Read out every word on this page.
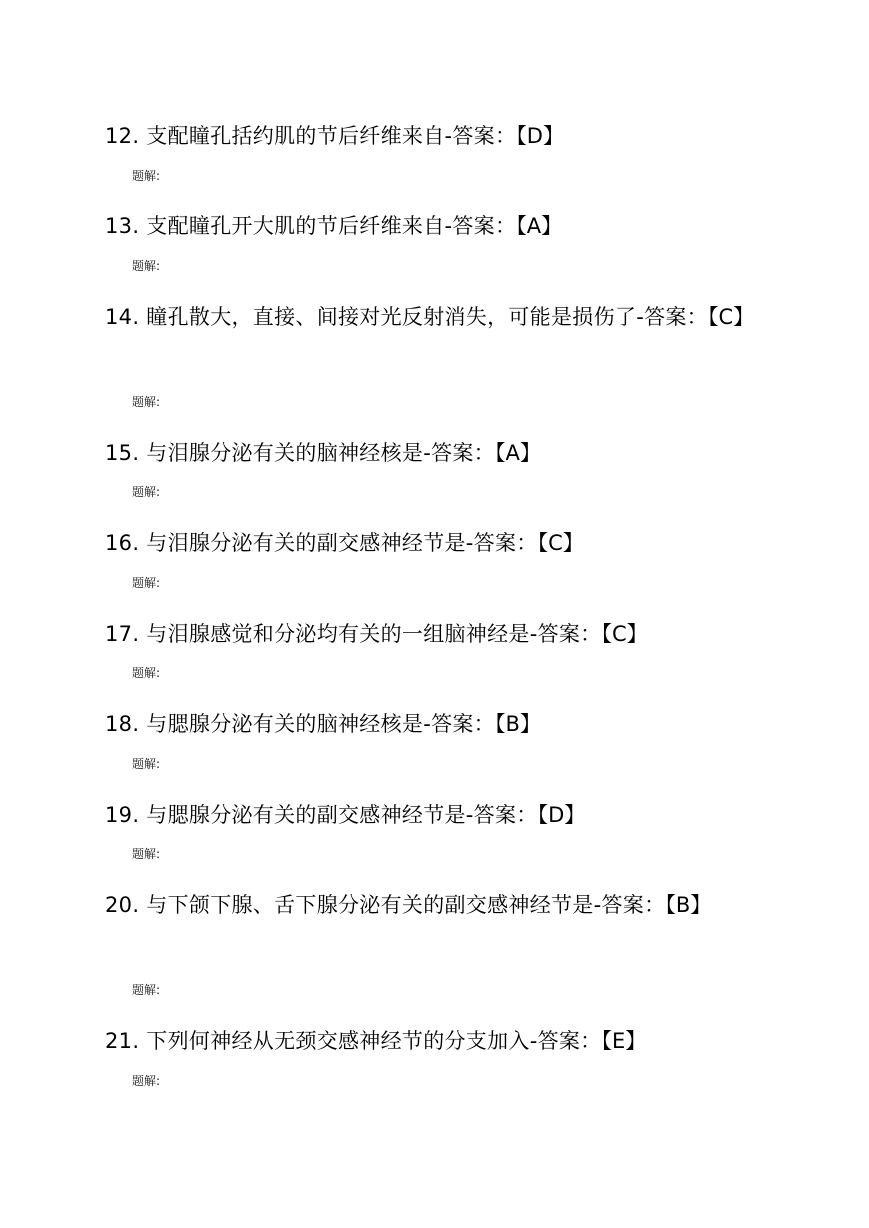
12. 支配瞳孔括约肌的节后纤维来自-答案：【D】
题解:
13. 支配瞳孔开大肌的节后纤维来自-答案：【A】
题解:
14. 瞳孔散大，直接、间接对光反射消失，可能是损伤了-答案：【C】
题解:
15. 与泪腺分泌有关的脑神经核是-答案：【A】
题解:
16. 与泪腺分泌有关的副交感神经节是-答案：【C】
题解:
17. 与泪腺感觉和分泌均有关的一组脑神经是-答案：【C】
题解:
18. 与腮腺分泌有关的脑神经核是-答案：【B】
题解:
19. 与腮腺分泌有关的副交感神经节是-答案：【D】
题解:
20. 与下颌下腺、舌下腺分泌有关的副交感神经节是-答案：【B】
题解:
21. 下列何神经从无颈交感神经节的分支加入-答案：【E】
题解:
